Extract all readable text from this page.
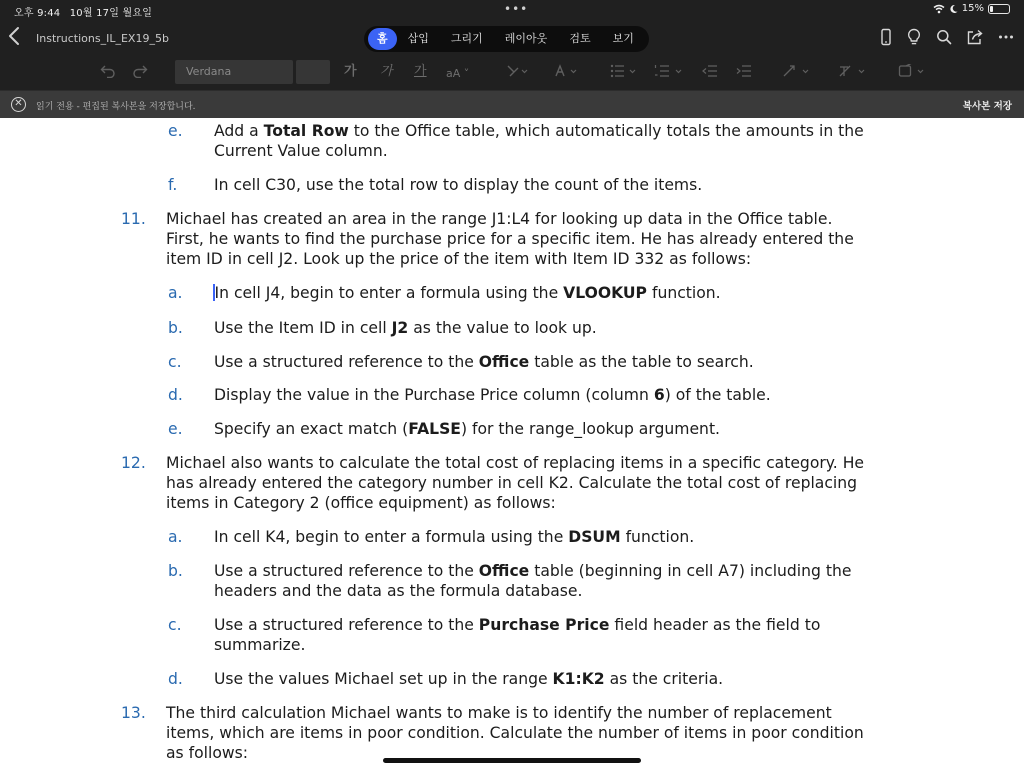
오후 9:44 10월 17일 월요일	•••	15%
Instructions_IL_EX19_5b	홈	삽입	그리기	레이아웃	검토	보기
가 가 가 aA ˅
Verdana
✕	읽기 전용 - 편집된 복사본을 저장합니다.	복사본 저장
e. Add a Total Row to the Office table, which automatically totals the amounts in the
Current Value column.
f. In cell C30, use the total row to display the count of the items.
11. Michael has created an area in the range J1:L4 for looking up data in the Office table.
First, he wants to find the purchase price for a specific item. He has already entered the
item ID in cell J2. Look up the price of the item with Item ID 332 as follows:
a. In cell J4, begin to enter a formula using the VLOOKUP function.
b. Use the Item ID in cell J2 as the value to look up.
c. Use a structured reference to the Office table as the table to search.
d. Display the value in the Purchase Price column (column 6) of the table.
e. Specify an exact match (FALSE) for the range_lookup argument.
12. Michael also wants to calculate the total cost of replacing items in a specific category. He
has already entered the category number in cell K2. Calculate the total cost of replacing
items in Category 2 (office equipment) as follows:
a. In cell K4, begin to enter a formula using the DSUM function.
b. Use a structured reference to the Office table (beginning in cell A7) including the
headers and the data as the formula database.
c. Use a structured reference to the Purchase Price field header as the field to
summarize.
d. Use the values Michael set up in the range K1:K2 as the criteria.
13. The third calculation Michael wants to make is to identify the number of replacement
items, which are items in poor condition. Calculate the number of items in poor condition
as follows:
